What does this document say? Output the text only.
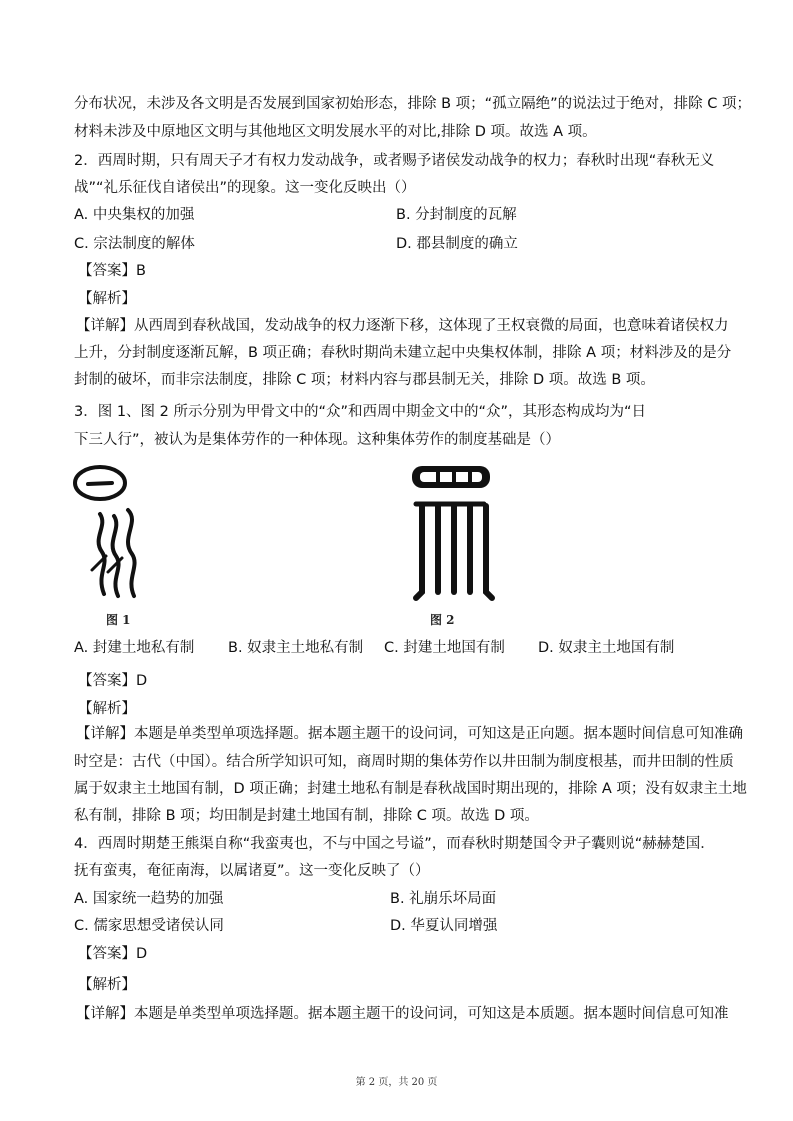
分布状况，未涉及各文明是否发展到国家初始形态，排除 B 项；“孤立隔绝”的说法过于绝对，排除 C 项；
材料未涉及中原地区文明与其他地区文明发展水平的对比,排除 D 项。故选 A 项。
2．西周时期，只有周天子才有权力发动战争，或者赐予诸侯发动战争的权力；春秋时出现“春秋无义
战”“礼乐征伐自诸侯出”的现象。这一变化反映出（）
A. 中央集权的加强	B. 分封制度的瓦解
C. 宗法制度的解体	D. 郡县制度的确立
【答案】B
【解析】
【详解】从西周到春秋战国，发动战争的权力逐渐下移，这体现了王权衰微的局面，也意味着诸侯权力
上升，分封制度逐渐瓦解，B 项正确；春秋时期尚未建立起中央集权体制，排除 A 项；材料涉及的是分
封制的破坏，而非宗法制度，排除 C 项；材料内容与郡县制无关，排除 D 项。故选 B 项。
3．图 1、图 2 所示分别为甲骨文中的“众”和西周中期金文中的“众”，其形态构成均为“日
下三人行”，被认为是集体劳作的一种体现。这种集体劳作的制度基础是（）
图 1	图 2
A. 封建土地私有制 B. 奴隶主土地私有制 C. 封建土地国有制 D. 奴隶主土地国有制
【答案】D
【解析】
【详解】本题是单类型单项选择题。据本题主题干的设问词，可知这是正向题。据本题时间信息可知准确
时空是：古代（中国）。结合所学知识可知，商周时期的集体劳作以井田制为制度根基，而井田制的性质
属于奴隶主土地国有制，D 项正确；封建土地私有制是春秋战国时期出现的，排除 A 项；没有奴隶主土地
私有制，排除 B 项；均田制是封建土地国有制，排除 C 项。故选 D 项。
4．西周时期楚王熊渠自称“我蛮夷也，不与中国之号谥”，而春秋时期楚国令尹子囊则说“赫赫楚国．
抚有蛮夷，奄征南海，以属诸夏”。这一变化反映了（）
A. 国家统一趋势的加强	B. 礼崩乐坏局面
C. 儒家思想受诸侯认同	D. 华夏认同增强
【答案】D
【解析】
【详解】本题是单类型单项选择题。据本题主题干的设问词，可知这是本质题。据本题时间信息可知准
第 2 页，共 20 页
